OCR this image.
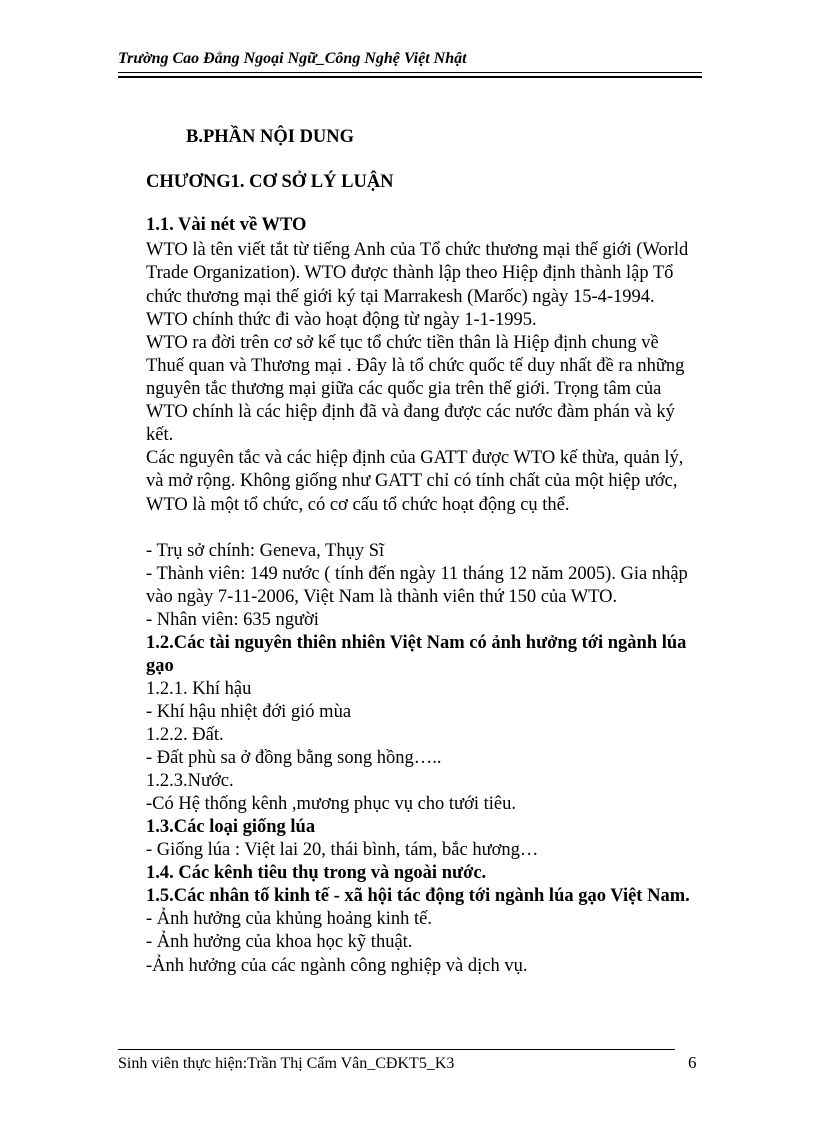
Trường Cao Đẳng Ngoại Ngữ_Công Nghệ Việt Nhật
B.PHẦN NỘI DUNG
CHƯƠNG1. CƠ SỞ LÝ LUẬN
1.1. Vài nét về WTO
WTO là tên viết tắt từ tiếng Anh của Tổ chức thương mại thế giới (World
Trade Organization). WTO được thành lập theo Hiệp định thành lập Tổ
chức thương mại thế giới ký tại Marrakesh (Marốc) ngày 15-4-1994.
WTO chính thức đi vào hoạt động từ ngày 1-1-1995.
WTO ra đời trên cơ sở kế tục tổ chức tiền thân là Hiệp định chung về
Thuế quan và Thương mại . Đây là tổ chức quốc tế duy nhất đề ra những
nguyên tắc thương mại giữa các quốc gia trên thế giới. Trọng tâm của
WTO chính là các hiệp định đã và đang được các nước đàm phán và ký
kết.
Các nguyên tắc và các hiệp định của GATT được WTO kế thừa, quản lý,
và mở rộng. Không giống như GATT chỉ có tính chất của một hiệp ước,
WTO là một tổ chức, có cơ cấu tổ chức hoạt động cụ thể.
- Trụ sở chính: Geneva, Thụy Sĩ
- Thành viên: 149 nước ( tính đến ngày 11 tháng 12 năm 2005). Gia nhập
vào ngày 7-11-2006, Việt Nam là thành viên thứ 150 của WTO.
- Nhân viên: 635 người
1.2.Các tài nguyên thiên nhiên Việt Nam có ảnh hưởng tới ngành lúa
gạo
1.2.1. Khí hậu
- Khí hậu nhiệt đới gió mùa
1.2.2. Đất.
- Đất phù sa ở đồng bằng song hồng…..
1.2.3.Nước.
-Có Hệ thống kênh ,mương phục vụ cho tưới tiêu.
1.3.Các loại giống lúa
- Giống lúa : Việt lai 20, thái bình, tám, bắc hương…
1.4. Các kênh tiêu thụ trong và ngoài nước.
1.5.Các nhân tố kinh tế - xã hội tác động tới ngành lúa gạo Việt Nam.
- Ảnh hưởng của khủng hoảng kinh tế.
- Ảnh hưởng của khoa học kỹ thuật.
-Ảnh hưởng của các ngành công nghiệp và dịch vụ.
Sinh viên thực hiện:Trần Thị Cẩm Vân_CĐKT5_K3	6
